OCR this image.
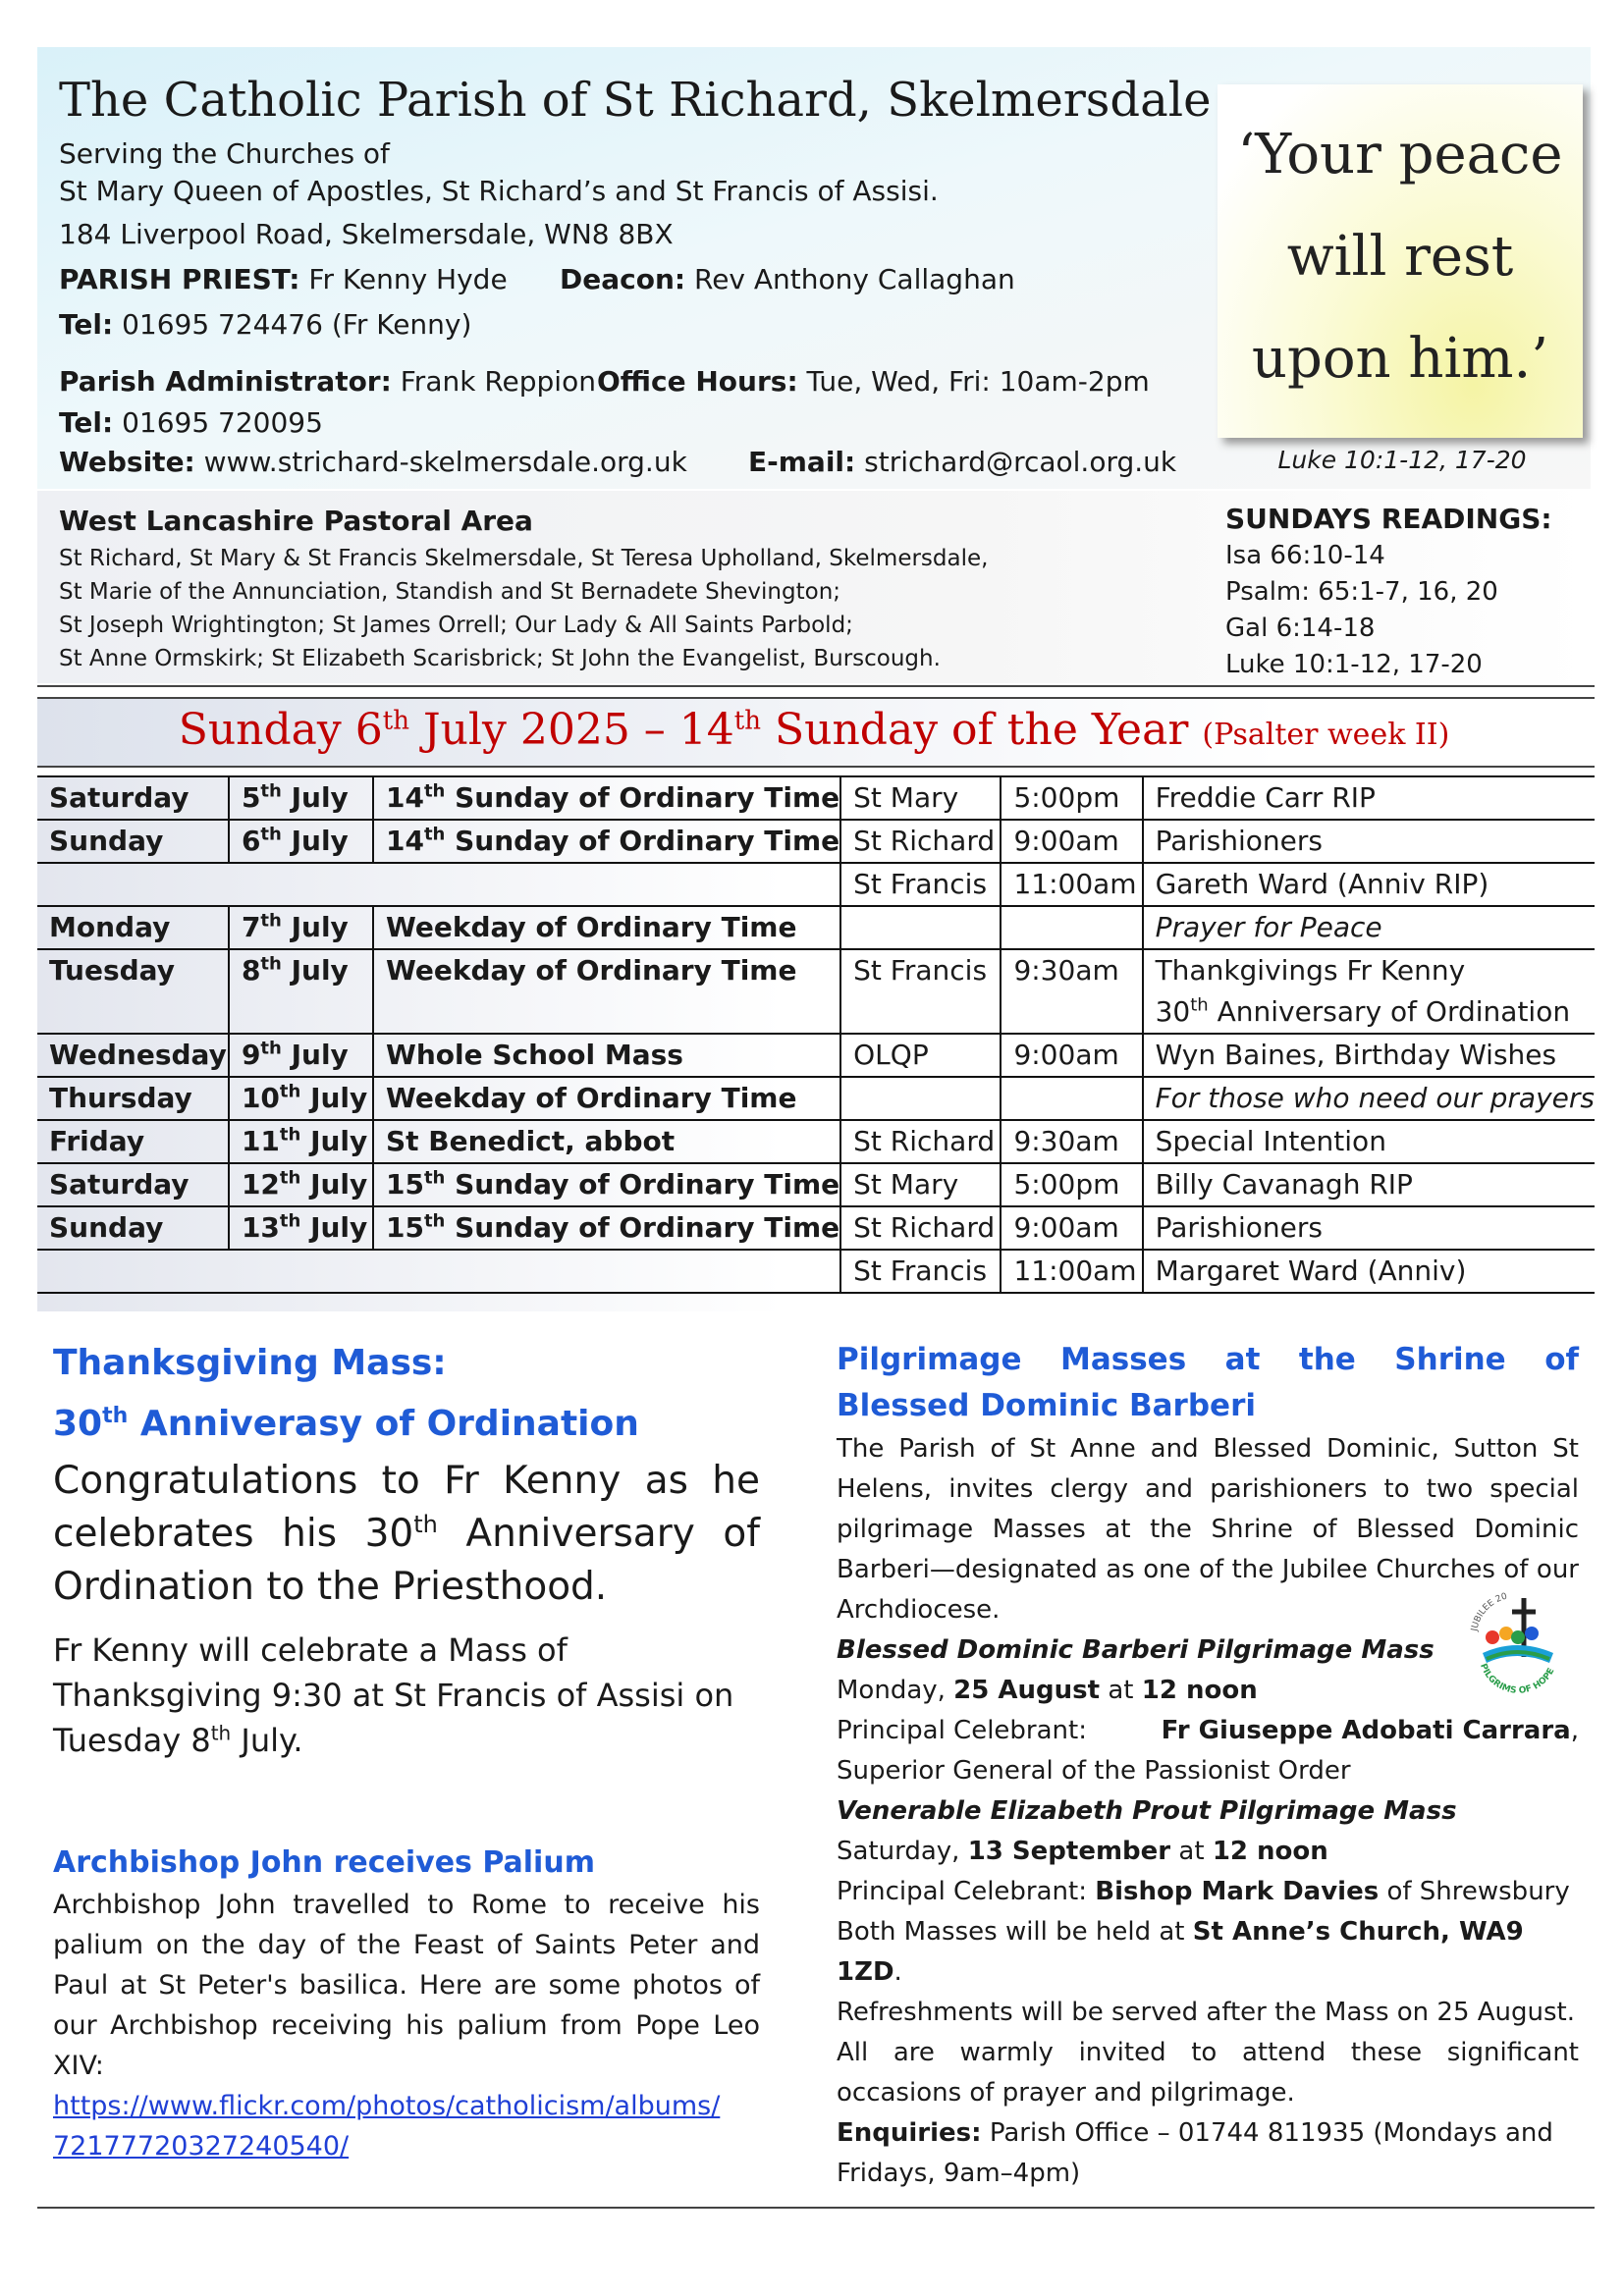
The Catholic Parish of St Richard, Skelmersdale
Serving the Churches of
St Mary Queen of Apostles, St Richard’s and St Francis of Assisi.
184 Liverpool Road, Skelmersdale, WN8 8BX
PARISH PRIEST: Fr Kenny Hyde Deacon: Rev Anthony Callaghan
Tel: 01695 724476 (Fr Kenny)
Parish Administrator: Frank Reppion Office Hours: Tue, Wed, Fri: 10am-2pm
Tel: 01695 720095
Website: www.strichard-skelmersdale.org.uk E-mail: strichard@rcaol.org.uk
‘Your peace
will rest
upon him.’
Luke 10:1-12, 17-20
West Lancashire Pastoral Area
St Richard, St Mary & St Francis Skelmersdale, St Teresa Upholland, Skelmersdale,
St Marie of the Annunciation, Standish and St Bernadete Shevington;
St Joseph Wrightington; St James Orrell; Our Lady & All Saints Parbold;
St Anne Ormskirk; St Elizabeth Scarisbrick; St John the Evangelist, Burscough.
SUNDAYS READINGS:
Isa 66:10-14
Psalm: 65:1-7, 16, 20
Gal 6:14-18
Luke 10:1-12, 17-20
Sunday 6th July 2025 – 14th Sunday of the Year (Psalter week II)
Saturday	5th July	14th Sunday of Ordinary Time	St Mary	5:00pm	Freddie Carr RIP
Sunday	6th July	14th Sunday of Ordinary Time	St Richard	9:00am	Parishioners
			St Francis	11:00am	Gareth Ward (Anniv RIP)
Monday	7th July	Weekday of Ordinary Time			Prayer for Peace
Tuesday	8th July	Weekday of Ordinary Time	St Francis	9:30am	Thankgivings Fr Kenny
30th Anniversary of Ordination
Wednesday	9th July	Whole School Mass	OLQP	9:00am	Wyn Baines, Birthday Wishes
Thursday	10th July	Weekday of Ordinary Time			For those who need our prayers
Friday	11th July	St Benedict, abbot	St Richard	9:30am	Special Intention
Saturday	12th July	15th Sunday of Ordinary Time	St Mary	5:00pm	Billy Cavanagh RIP
Sunday	13th July	15th Sunday of Ordinary Time	St Richard	9:00am	Parishioners
			St Francis	11:00am	Margaret Ward (Anniv)
Thanksgiving Mass:
30th Anniverasy of Ordination
Congratulations to Fr Kenny as he celebrates his 30th Anniversary of Ordination to the Priesthood.
Fr Kenny will celebrate a Mass of Thanksgiving 9:30 at St Francis of Assisi on Tuesday 8th July.
Archbishop John receives Palium
Archbishop John travelled to Rome to receive his palium on the day of the Feast of Saints Peter and Paul at St Peter's basilica. Here are some photos of our Archbishop receiving his palium from Pope Leo XIV:
https://www.flickr.com/photos/catholicism/albums/
72177720327240540/
Pilgrimage Masses at the Shrine of Blessed Dominic Barberi
The Parish of St Anne and Blessed Dominic, Sutton St Helens, invites clergy and parishioners to two special pilgrimage Masses at the Shrine of Blessed Dominic Barberi—designated as one of the Jubilee Churches of our Archdiocese.
Blessed Dominic Barberi Pilgrimage Mass
Monday, 25 August at 12 noon
Principal Celebrant:	Fr Giuseppe Adobati Carrara,
Superior General of the Passionist Order
Venerable Elizabeth Prout Pilgrimage Mass
Saturday, 13 September at 12 noon
Principal Celebrant: Bishop Mark Davies of Shrewsbury
Both Masses will be held at St Anne’s Church, WA9 1ZD.
Refreshments will be served after the Mass on 25 August.
All are warmly invited to attend these significant occasions of prayer and pilgrimage.
Enquiries: Parish Office – 01744 811935 (Mondays and Fridays, 9am–4pm)
JUBILEE 20
PILGRIMS OF HOPE
